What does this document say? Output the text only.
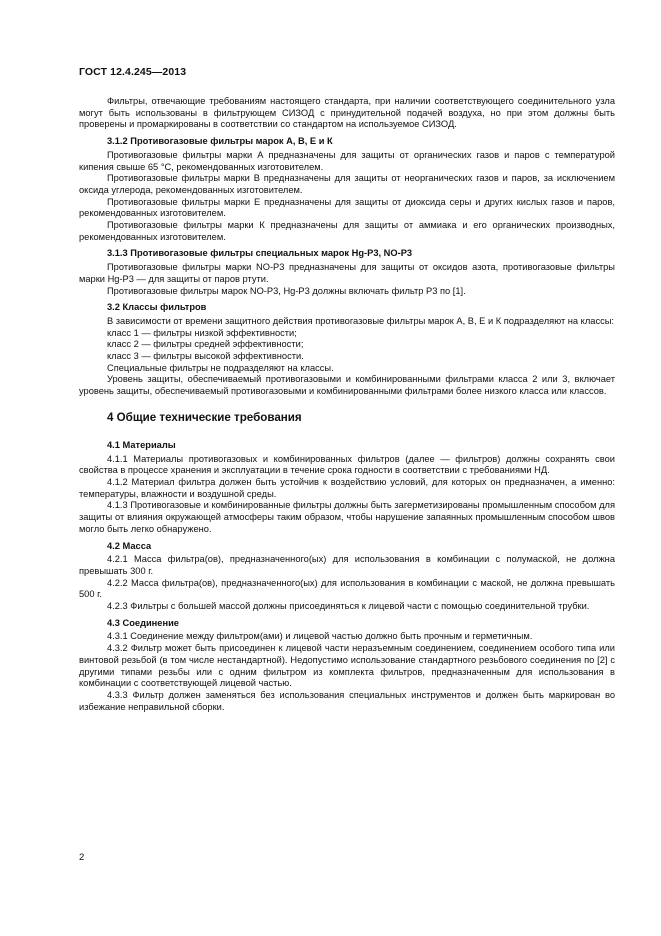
ГОСТ 12.4.245—2013

Фильтры, отвечающие требованиям настоящего стандарта, при наличии соответствующего соединительного узла могут быть использованы в фильтрующем СИЗОД с принудительной подачей воздуха, но при этом должны быть проверены и промаркированы в соответствии со стандартом на используемое СИЗОД.

3.1.2 Противогазовые фильтры марок А, В, Е и К

Противогазовые фильтры марки А предназначены для защиты от органических газов и паров с температурой кипения свыше 65 °С, рекомендованных изготовителем.

Противогазовые фильтры марки В предназначены для защиты от неорганических газов и паров, за исключением оксида углерода, рекомендованных изготовителем.

Противогазовые фильтры марки Е предназначены для защиты от диоксида серы и других кислых газов и паров, рекомендованных изготовителем.

Противогазовые фильтры марки К предназначены для защиты от аммиака и его органических производных, рекомендованных изготовителем.

3.1.3 Противогазовые фильтры специальных марок Hg-P3, NO-P3

Противогазовые фильтры марки NO-P3 предназначены для защиты от оксидов азота, противогазовые фильтры марки Hg-P3 — для защиты от паров ртути.

Противогазовые фильтры марок NO-P3, Hg-P3 должны включать фильтр Р3 по [1].

3.2 Классы фильтров

В зависимости от времени защитного действия противогазовые фильтры марок А, В, Е и К подразделяют на классы:

класс 1 — фильтры низкой эффективности;

класс 2 — фильтры средней эффективности;

класс 3 — фильтры высокой эффективности.

Специальные фильтры не подразделяют на классы.

Уровень защиты, обеспечиваемый противогазовыми и комбинированными фильтрами класса 2 или 3, включает уровень защиты, обеспечиваемый противогазовыми и комбинированными фильтрами более низкого класса или классов.

4 Общие технические требования
4.1 Материалы

4.1.1 Материалы противогазовых и комбинированных фильтров (далее — фильтров) должны сохранять свои свойства в процессе хранения и эксплуатации в течение срока годности в соответствии с требованиями НД.

4.1.2 Материал фильтра должен быть устойчив к воздействию условий, для которых он предназначен, а именно: температуры, влажности и воздушной среды.

4.1.3 Противогазовые и комбинированные фильтры должны быть загерметизированы промышленным способом для защиты от влияния окружающей атмосферы таким образом, чтобы нарушение запаянных промышленным способом швов могло быть легко обнаружено.

4.2 Масса

4.2.1 Масса фильтра(ов), предназначенного(ых) для использования в комбинации с полумаской, не должна превышать 300 г.

4.2.2 Масса фильтра(ов), предназначенного(ых) для использования в комбинации с маской, не должна превышать 500 г.

4.2.3 Фильтры с большей массой должны присоединяться к лицевой части с помощью соединительной трубки.

4.3 Соединение

4.3.1 Соединение между фильтром(ами) и лицевой частью должно быть прочным и герметичным.

4.3.2 Фильтр может быть присоединен к лицевой части неразъемным соединением, соединением особого типа или винтовой резьбой (в том числе нестандартной). Недопустимо использование стандартного резьбового соединения по [2] с другими типами резьбы или с одним фильтром из комплекта фильтров, предназначенным для использования в комбинации с соответствующей лицевой частью.

4.3.3 Фильтр должен заменяться без использования специальных инструментов и должен быть маркирован во избежание неправильной сборки.

2
